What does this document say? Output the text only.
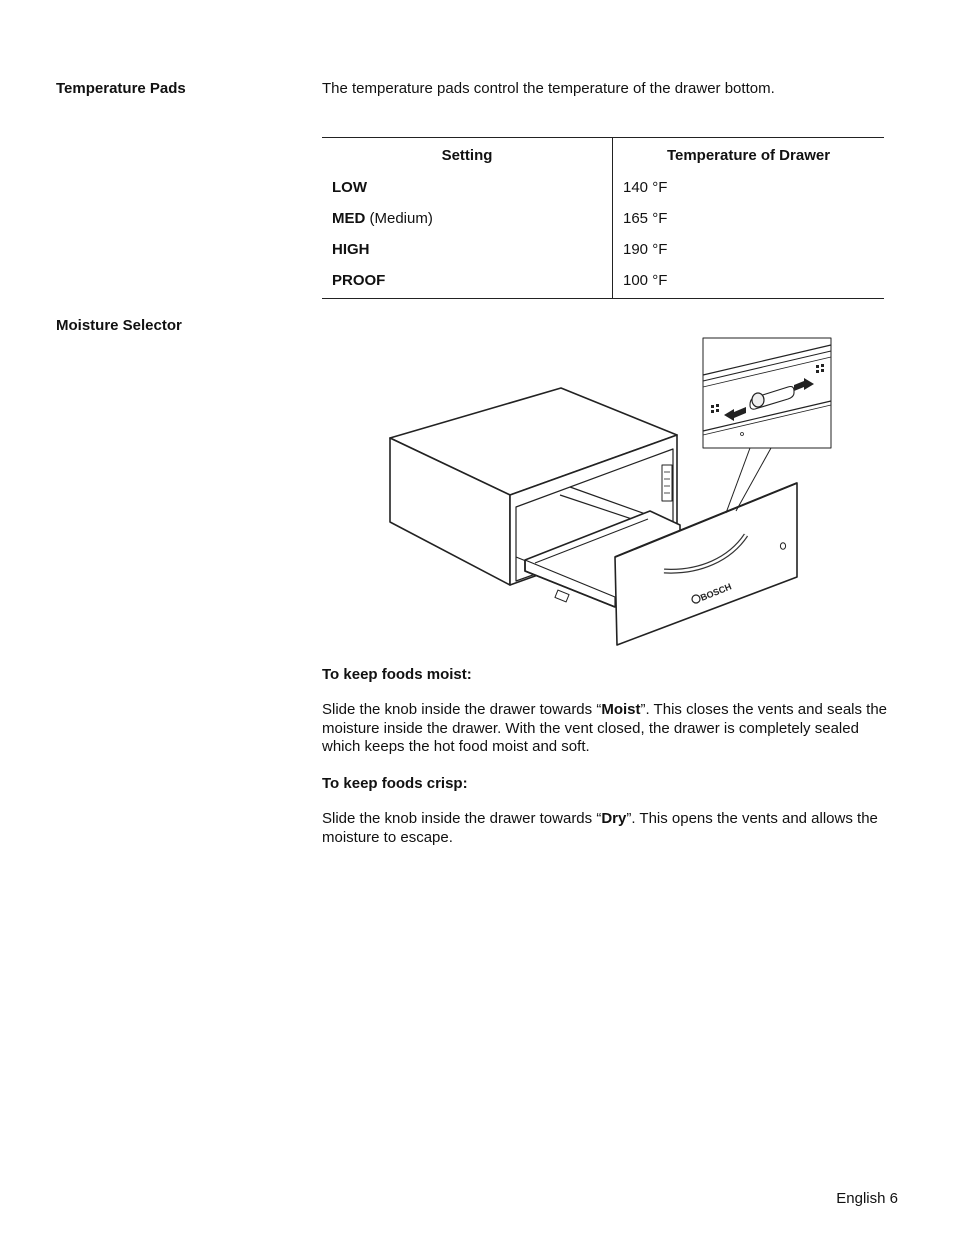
Temperature Pads	The temperature pads control the temperature of the drawer bottom.
Setting	Temperature of Drawer
LOW	140 °F
MED (Medium)	165 °F
HIGH	190 °F
PROOF	100 °F
Moisture Selector
BOSCH
To keep foods moist:
Slide the knob inside the drawer towards “Moist”. This closes the vents and seals the moisture inside the drawer. With the vent closed, the drawer is completely sealed which keeps the hot food moist and soft.
To keep foods crisp:
Slide the knob inside the drawer towards “Dry”. This opens the vents and allows the moisture to escape.
English 6
